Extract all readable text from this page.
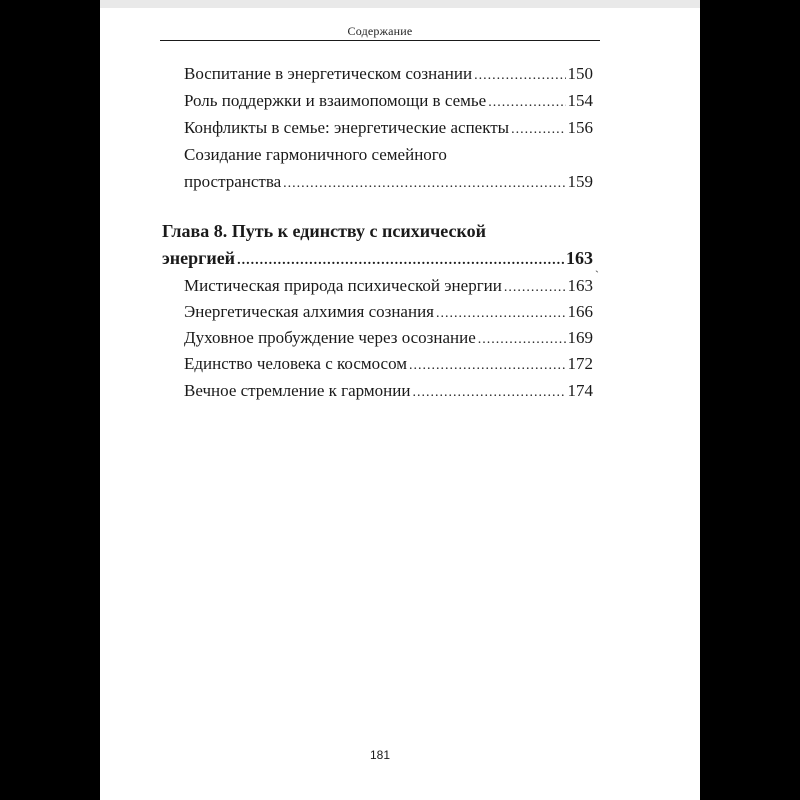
Содержание
Воспитание в энергетическом сознании .....	150
Роль поддержки и взаимопомощи в семье .....	154
Конфликты в семье: энергетические аспекты .....	156
Созидание гармоничного семейного
пространства .....	159
Глава 8. Путь к единству с психической
энергией .....	163 ˎ
Мистическая природа психической энергии .....	163
Энергетическая алхимия сознания .....	166
Духовное пробуждение через осознание .....	169
Единство человека с космосом .....	172
Вечное стремление к гармонии .....	174
181
